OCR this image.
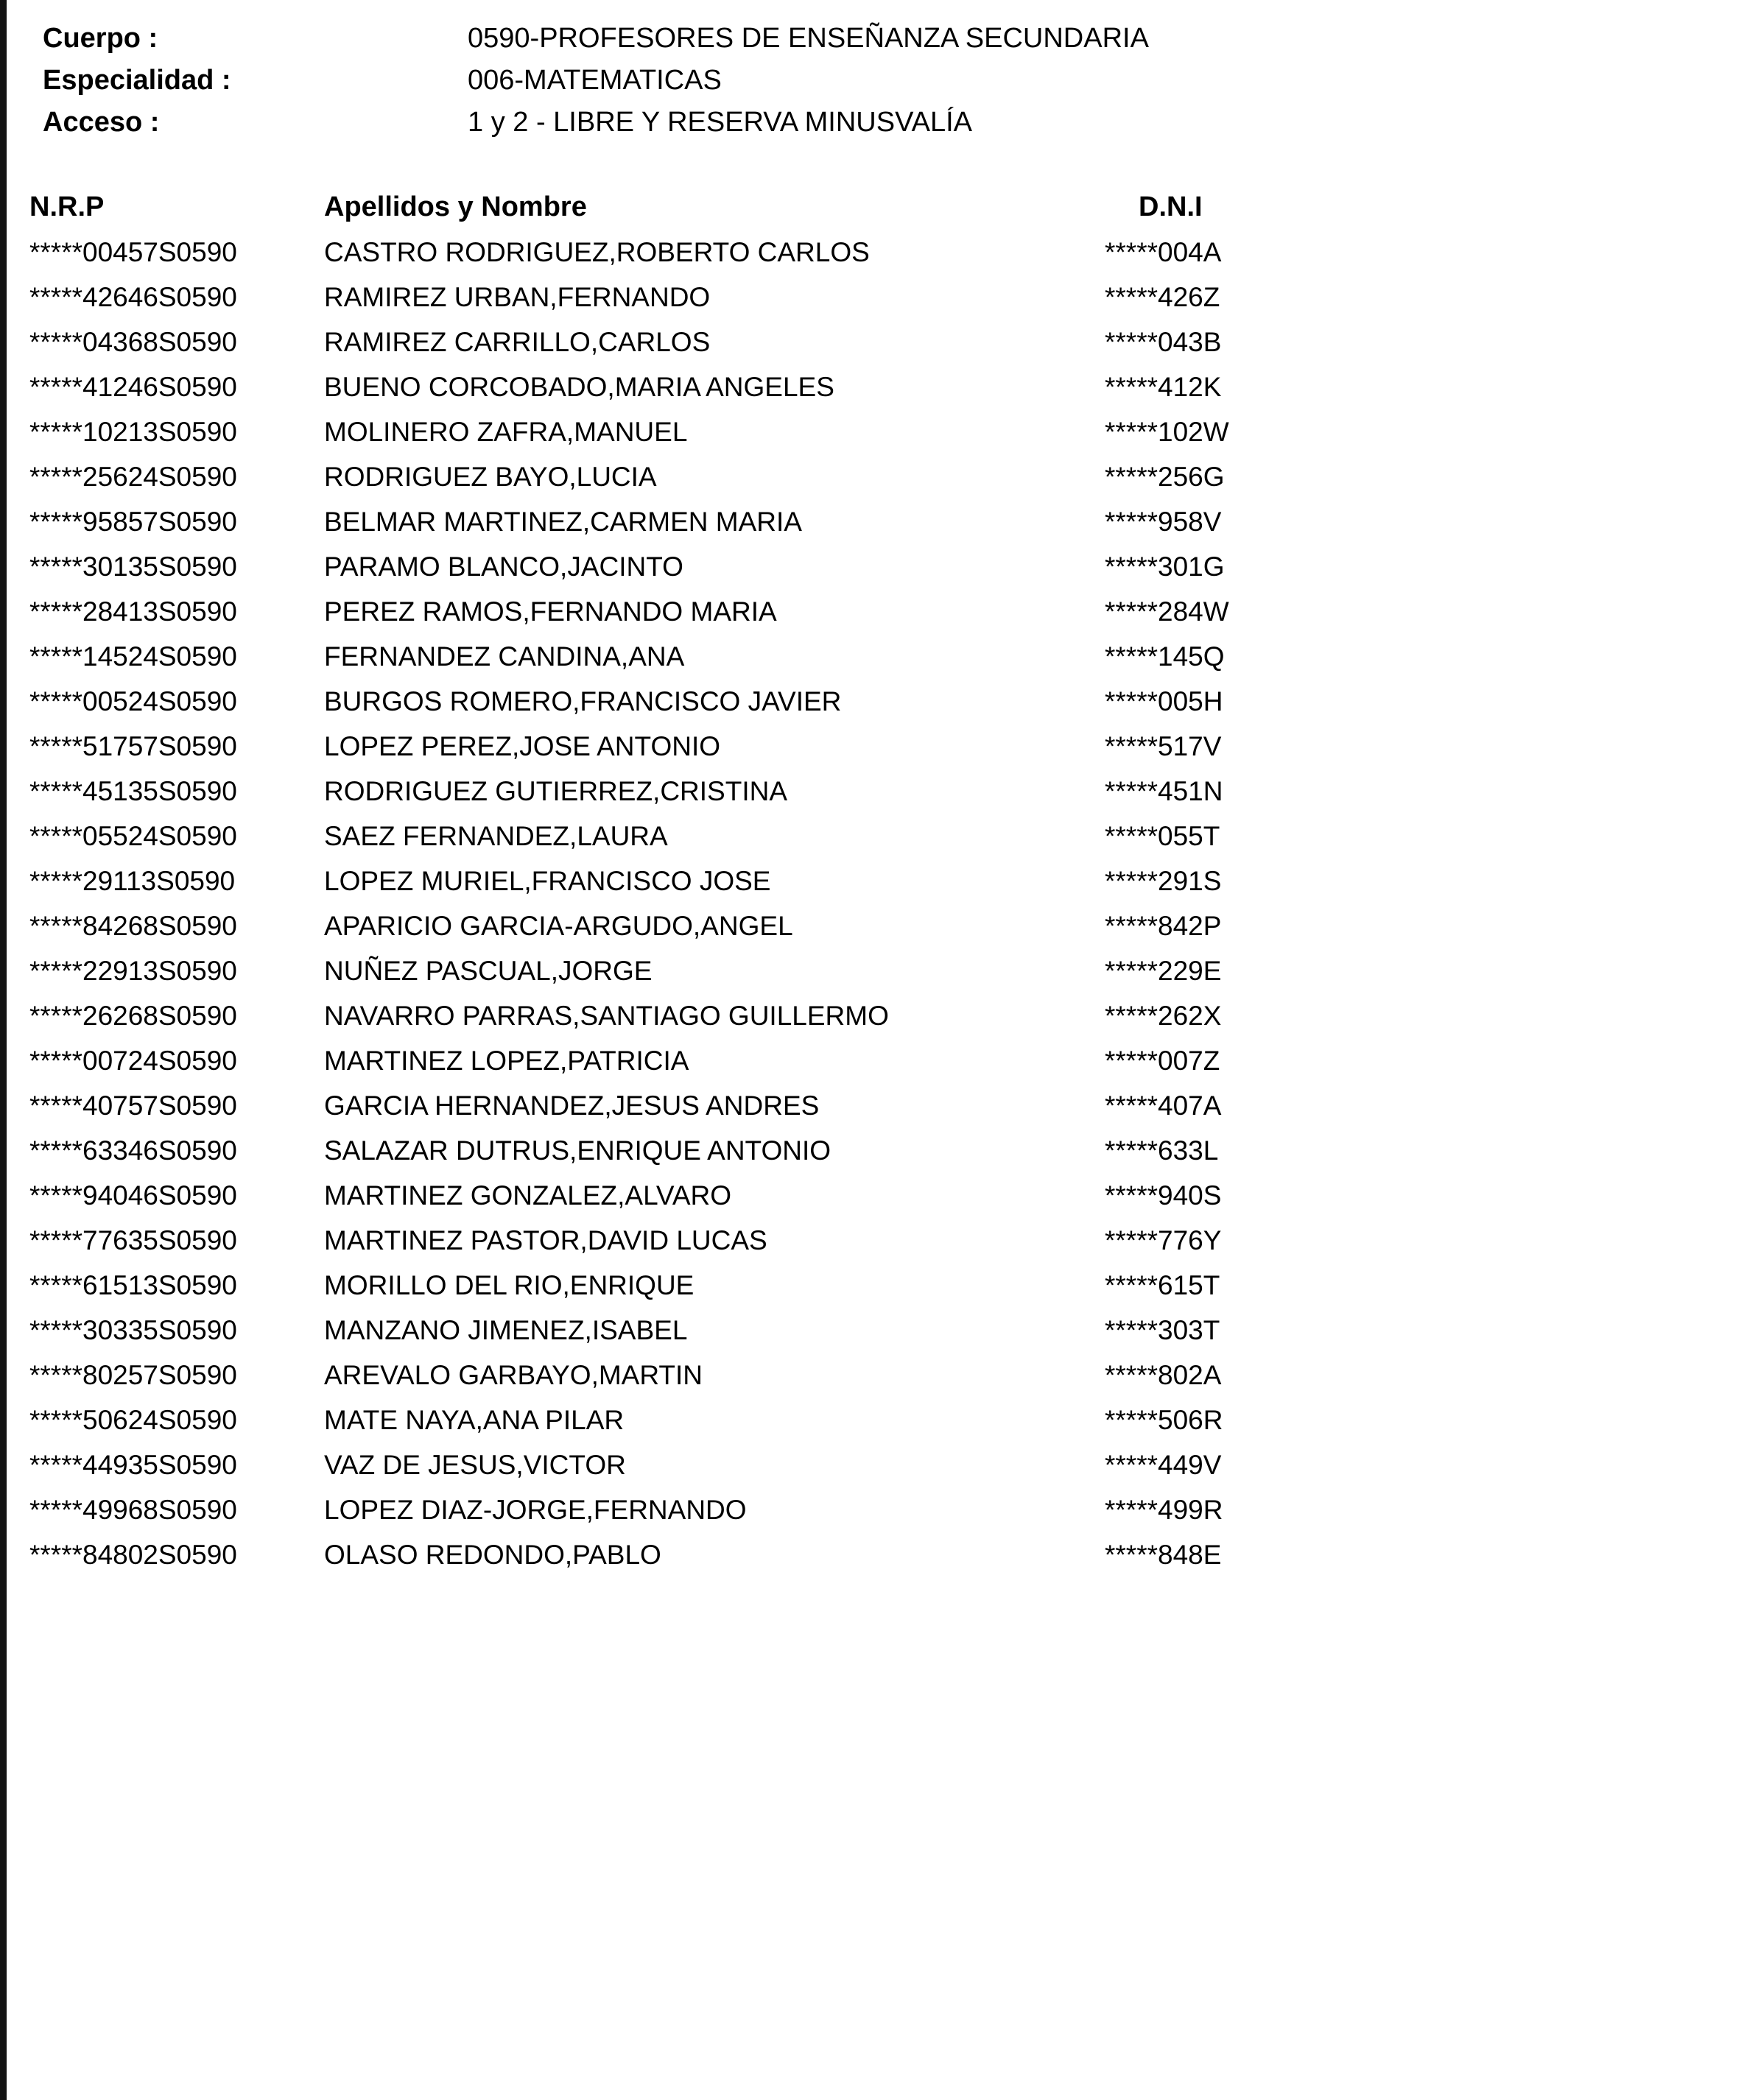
Cuerpo :	0590-PROFESORES DE ENSEÑANZA SECUNDARIA
Especialidad :	006-MATEMATICAS
Acceso :	1 y 2 - LIBRE Y RESERVA MINUSVALÍA
N.R.P	Apellidos y Nombre	D.N.I
*****00457S0590	CASTRO RODRIGUEZ,ROBERTO CARLOS	*****004A
*****42646S0590	RAMIREZ URBAN,FERNANDO	*****426Z
*****04368S0590	RAMIREZ CARRILLO,CARLOS	*****043B
*****41246S0590	BUENO CORCOBADO,MARIA ANGELES	*****412K
*****10213S0590	MOLINERO ZAFRA,MANUEL	*****102W
*****25624S0590	RODRIGUEZ BAYO,LUCIA	*****256G
*****95857S0590	BELMAR MARTINEZ,CARMEN MARIA	*****958V
*****30135S0590	PARAMO BLANCO,JACINTO	*****301G
*****28413S0590	PEREZ RAMOS,FERNANDO MARIA	*****284W
*****14524S0590	FERNANDEZ CANDINA,ANA	*****145Q
*****00524S0590	BURGOS ROMERO,FRANCISCO JAVIER	*****005H
*****51757S0590	LOPEZ PEREZ,JOSE ANTONIO	*****517V
*****45135S0590	RODRIGUEZ GUTIERREZ,CRISTINA	*****451N
*****05524S0590	SAEZ FERNANDEZ,LAURA	*****055T
*****29113S0590	LOPEZ MURIEL,FRANCISCO JOSE	*****291S
*****84268S0590	APARICIO GARCIA-ARGUDO,ANGEL	*****842P
*****22913S0590	NUÑEZ PASCUAL,JORGE	*****229E
*****26268S0590	NAVARRO PARRAS,SANTIAGO GUILLERMO	*****262X
*****00724S0590	MARTINEZ LOPEZ,PATRICIA	*****007Z
*****40757S0590	GARCIA HERNANDEZ,JESUS ANDRES	*****407A
*****63346S0590	SALAZAR DUTRUS,ENRIQUE ANTONIO	*****633L
*****94046S0590	MARTINEZ GONZALEZ,ALVARO	*****940S
*****77635S0590	MARTINEZ PASTOR,DAVID LUCAS	*****776Y
*****61513S0590	MORILLO DEL RIO,ENRIQUE	*****615T
*****30335S0590	MANZANO JIMENEZ,ISABEL	*****303T
*****80257S0590	AREVALO GARBAYO,MARTIN	*****802A
*****50624S0590	MATE NAYA,ANA PILAR	*****506R
*****44935S0590	VAZ DE JESUS,VICTOR	*****449V
*****49968S0590	LOPEZ DIAZ-JORGE,FERNANDO	*****499R
*****84802S0590	OLASO REDONDO,PABLO	*****848E
